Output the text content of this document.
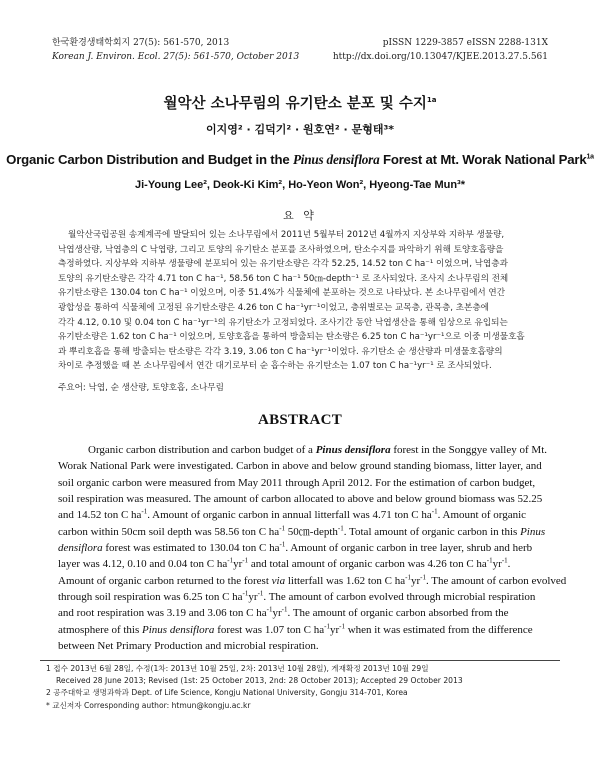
한국환경생태학회지 27(5): 561-570, 2013
Korean J. Environ. Ecol. 27(5): 561-570, October 2013
pISSN 1229-3857 eISSN 2288-131X
http://dx.doi.org/10.13047/KJEE.2013.27.5.561
월악산 소나무림의 유기탄소 분포 및 수지$^{1a}$
이지영² · 김덕기² · 원호연² · 문형태³*
Organic Carbon Distribution and Budget in the Pinus densiflora Forest at Mt. Worak National Park$^{1a}$
Ji-Young Lee², Deok-Ki Kim², Ho-Yeon Won², Hyeong-Tae Mun³*
요 약
월악산국립공원 송계계곡에 발달되어 있는 소나무림에서 2011년 5월부터 2012년 4월까지 지상부와 지하부 생물량,
낙엽생산량, 낙엽층의 C 낙엽량, 그리고 토양의 유기탄소 분포를 조사하였으며, 탄소수지를 파악하기 위해 토양호흡량을
측정하였다. 지상부와 지하부 생물량에 분포되어 있는 유기탄소량은 각각 52.25, 14.52 ton C ha⁻¹ 이었으며, 낙엽층과
토양의 유기탄소량은 각각 4.71 ton C ha⁻¹, 58.56 ton C ha⁻¹ 50㎝-depth⁻¹ 로 조사되었다. 조사지 소나무림의 전체
유기탄소량은 130.04 ton C ha⁻¹ 이었으며, 이중 51.4%가 식물체에 분포하는 것으로 나타났다. 본 소나무림에서 연간
광합성을 통하여 식물체에 고정된 유기탄소량은 4.26 ton C ha⁻¹yr⁻¹이었고, 층위별로는 교목층, 관목층, 초본층에
각각 4.12, 0.10 및 0.04 ton C ha⁻¹yr⁻¹의 유기탄소가 고정되었다. 조사기간 동안 낙엽생산을 통해 임상으로 유입되는
유기탄소량은 1.62 ton C ha⁻¹ 이었으며, 토양호흡을 통하여 방출되는 탄소량은 6.25 ton C ha⁻¹yr⁻¹으로 이중 미생물호흡
과 뿌리호흡을 통해 방출되는 탄소량은 각각 3.19, 3.06 ton C ha⁻¹yr⁻¹이었다. 유기탄소 순 생산량과 미생물호흡량의
차이로 추정했을 때 본 소나무림에서 연간 대기로부터 순 흡수하는 유기탄소는 1.07 ton C ha⁻¹yr⁻¹ 로 조사되었다.
주요어: 낙엽, 순 생산량, 토양호흡, 소나무림
ABSTRACT
Organic carbon distribution and carbon budget of a Pinus densiflora forest in the Songgye valley of Mt.
Worak National Park were investigated. Carbon in above and below ground standing biomass, litter layer, and
soil organic carbon were measured from May 2011 through April 2012. For the estimation of carbon budget,
soil respiration was measured. The amount of carbon allocated to above and below ground biomass was 52.25
and 14.52 ton C $ha^{-1}$. Amount of organic carbon in annual litterfall was 4.71 ton C $ha^{-1}$. Amount of organic
carbon within 50cm soil depth was 58.56 ton C $ha^{-1}$ 50㎝-depth$^{-1}$. Total amount of organic carbon in this Pinus
densiflora forest was estimated to 130.04 ton C $ha^{-1}$. Amount of organic carbon in tree layer, shrub and herb
layer was 4.12, 0.10 and 0.04 ton C $ha^{-1}yr^{-1}$ and total amount of organic carbon was 4.26 ton C $ha^{-1}yr^{-1}$.
Amount of organic carbon returned to the forest via litterfall was 1.62 ton C $ha^{-1}yr^{-1}$. The amount of carbon evolved
through soil respiration was 6.25 ton C $ha^{-1}yr^{-1}$. The amount of carbon evolved through microbial respiration
and root respiration was 3.19 and 3.06 ton C $ha^{-1}yr^{-1}$. The amount of organic carbon absorbed from the
atmosphere of this Pinus densiflora forest was 1.07 ton C $ha^{-1}yr^{-1}$ when it was estimated from the difference
between Net Primary Production and microbial respiration.
1 접수 2013년 6월 28일, 수정(1차: 2013년 10월 25일, 2차: 2013년 10월 28일), 게재확정 2013년 10월 29일
Received 28 June 2013; Revised (1st: 25 October 2013, 2nd: 28 October 2013); Accepted 29 October 2013
2 공주대학교 생명과학과 Dept. of Life Science, Kongju National University, Gongju 314-701, Korea
* 교신저자 Corresponding author: htmun@kongju.ac.kr
